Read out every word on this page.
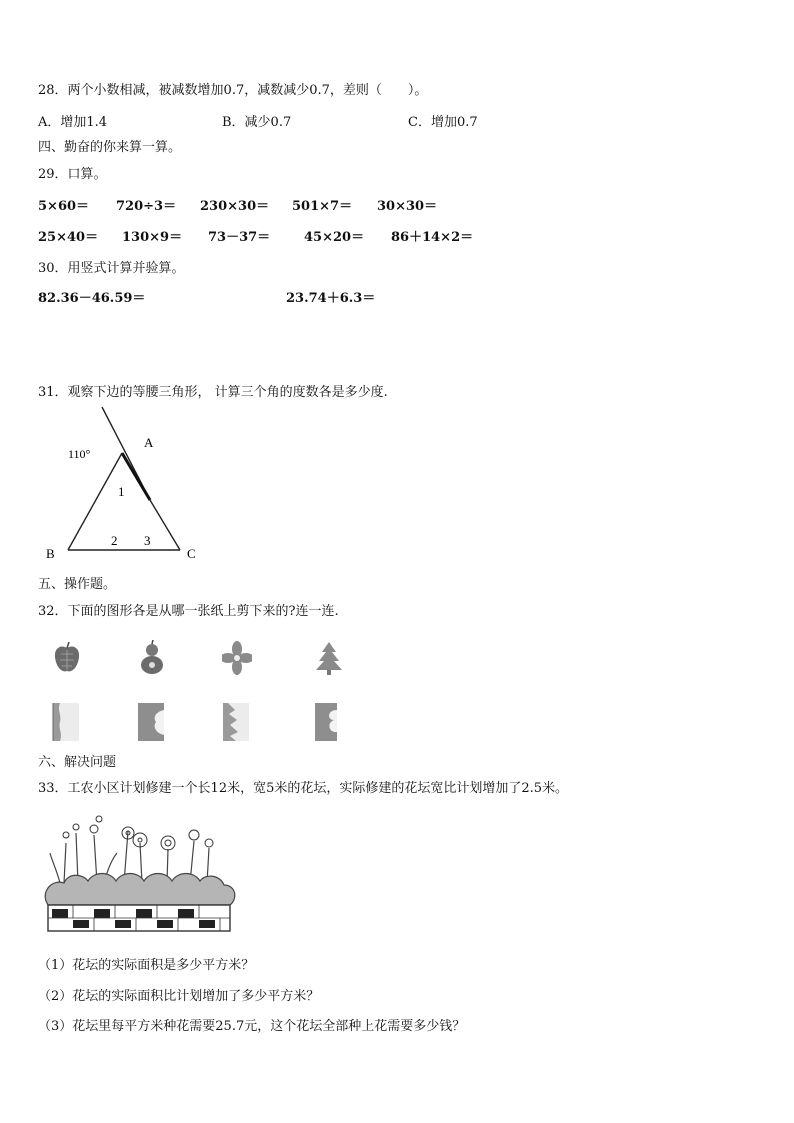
28．两个小数相减，被减数增加0.7，减数减少0.7，差则（　　）。
A．增加1.4	B．减少0.7	C．增加0.7
四、勤奋的你来算一算。
29．口算。
5×60＝ 720÷3＝ 230×30＝ 501×7＝ 30×30＝
25×40＝ 130×9＝ 73－37＝	45×20＝ 86＋14×2＝
30．用竖式计算并验算。
82.36－46.59＝	23.74＋6.3＝
31．观察下边的等腰三角形， 计算三个角的度数各是多少度.
110°
A
B	C
1
2 3
五、操作题。
32．下面的图形各是从哪一张纸上剪下来的?连一连.
六、解决问题
33．工农小区计划修建一个长12米，宽5米的花坛，实际修建的花坛宽比计划增加了2.5米。
（1）花坛的实际面积是多少平方米？
（2）花坛的实际面积比计划增加了多少平方米？
（3）花坛里每平方米种花需要25.7元，这个花坛全部种上花需要多少钱？
